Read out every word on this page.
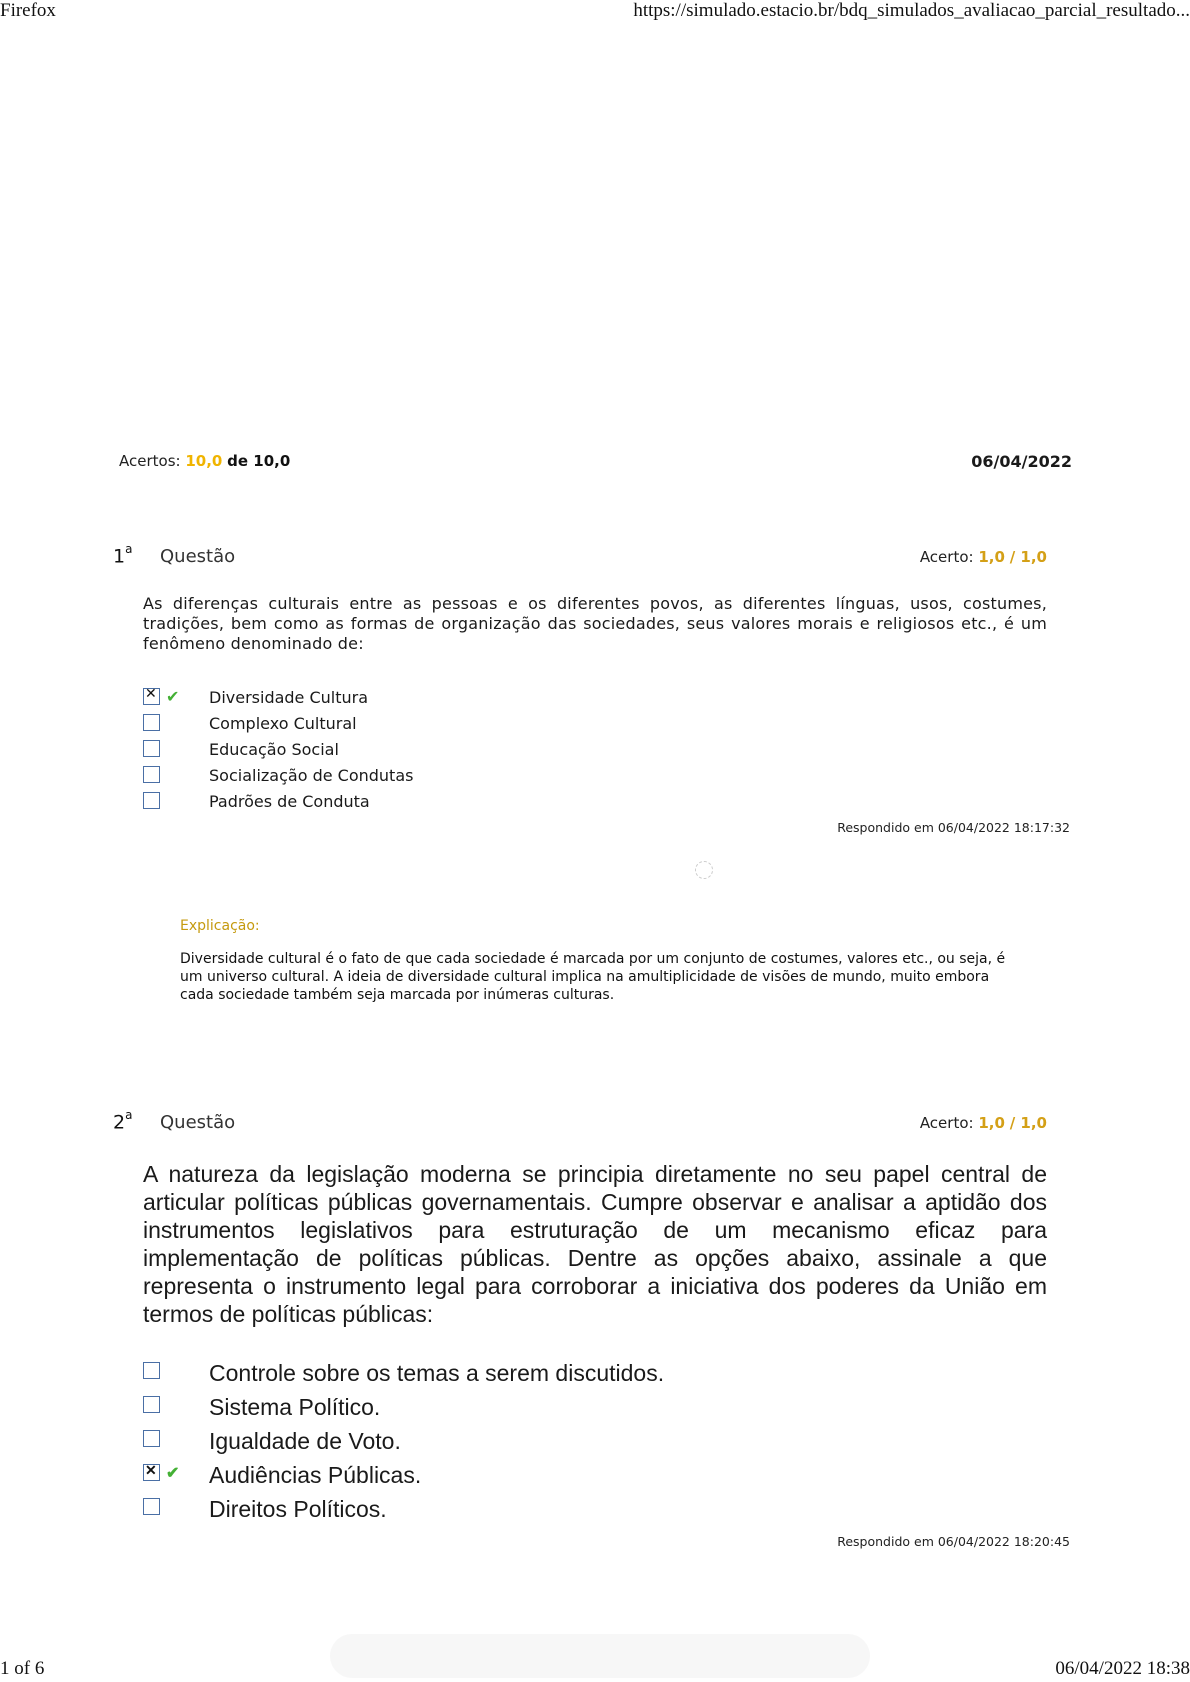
Firefox	https://simulado.estacio.br/bdq_simulados_avaliacao_parcial_resultado...
Acertos: 10,0 de 10,0	06/04/2022
1$^a$ Questão	Acerto: 1,0 / 1,0
As diferenças culturais entre as pessoas e os diferentes povos, as diferentes línguas, usos, costumes, tradições, bem como as formas de organização das sociedades, seus valores morais e religiosos etc., é um fenômeno denominado de:
✕
✔ Diversidade Cultura
Complexo Cultural
Educação Social
Socialização de Condutas
Padrões de Conduta
Respondido em 06/04/2022 18:17:32
Explicação:
Diversidade cultural é o fato de que cada sociedade é marcada por um conjunto de costumes, valores etc., ou seja, é um universo cultural. A ideia de diversidade cultural implica na amultiplicidade de visões de mundo, muito embora cada sociedade também seja marcada por inúmeras culturas.
2$^a$ Questão	Acerto: 1,0 / 1,0
A natureza da legislação moderna se principia diretamente no seu papel central de articular políticas públicas governamentais. Cumpre observar e analisar a aptidão dos instrumentos legislativos para estruturação de um mecanismo eficaz para implementação de políticas públicas. Dentre as opções abaixo, assinale a que representa o instrumento legal para corroborar a iniciativa dos poderes da União em termos de políticas públicas:
Controle sobre os temas a serem discutidos.
Sistema Político.
Igualdade de Voto.
✕
✔ Audiências Públicas.
Direitos Políticos.
Respondido em 06/04/2022 18:20:45
1 of 6	06/04/2022 18:38
